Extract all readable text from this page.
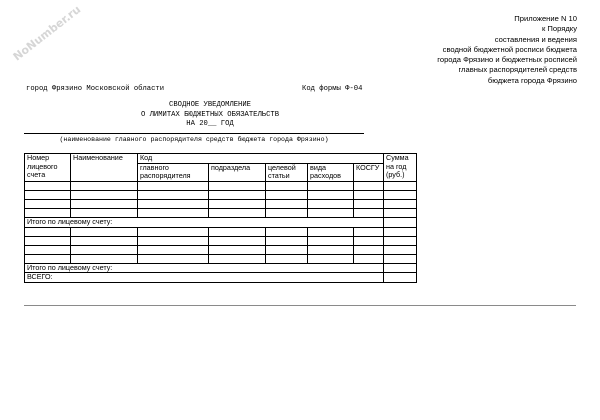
NoNumber.ru	Приложение N 10
к Порядку
составления и ведения
сводной бюджетной росписи бюджета
города Фрязино и бюджетных росписей
главных распорядителей средств
бюджета города Фрязино
город Фрязино Московской области	Код формы Ф-04
СВОДНОЕ УВЕДОМЛЕНИЕ
О ЛИМИТАХ БЮДЖЕТНЫХ ОБЯЗАТЕЛЬСТВ
НА 20__ ГОД
(наименование главного распорядителя средств бюджета города Фрязино)
Номер лицевого счета	Наименование	Код					Сумма на год (руб.)
		главного распорядителя	подраздела	целевой статьи	вида расходов	КОСГУ	

Итого по лицевому счету:							

Итого по лицевому счету:							
ВСЕГО:							
